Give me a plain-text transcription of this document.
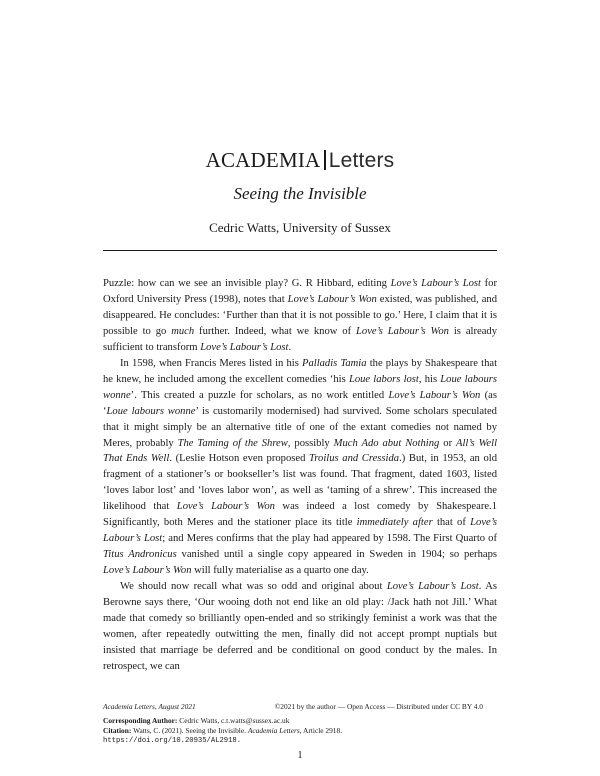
ACADEMIA Letters
Seeing the Invisible
Cedric Watts, University of Sussex

Puzzle: how can we see an invisible play? G. R Hibbard, editing Love’s Labour’s Lost for Oxford University Press (1998), notes that Love’s Labour’s Won existed, was published, and disappeared. He concludes: ‘Further than that it is not possible to go.’ Here, I claim that it is possible to go much further. Indeed, what we know of Love’s Labour’s Won is already sufficient to transform Love’s Labour’s Lost.

In 1598, when Francis Meres listed in his Palladis Tamia the plays by Shakespeare that he knew, he included among the excellent comedies ‘his Loue labors lost, his Loue labours wonne’. This created a puzzle for scholars, as no work entitled Love’s Labour’s Won (as ‘Loue labours wonne’ is customarily modernised) had survived. Some scholars speculated that it might simply be an alternative title of one of the extant comedies not named by Meres, probably The Taming of the Shrew, possibly Much Ado abut Nothing or All’s Well That Ends Well. (Leslie Hotson even proposed Troilus and Cressida.) But, in 1953, an old fragment of a stationer’s or bookseller’s list was found. That fragment, dated 1603, listed ‘loves labor lost’ and ‘loves labor won’, as well as ‘taming of a shrew’. This increased the likelihood that Love’s Labour’s Won was indeed a lost comedy by Shakespeare.1 Significantly, both Meres and the stationer place its title immediately after that of Love’s Labour’s Lost; and Meres confirms that the play had appeared by 1598. The First Quarto of Titus Andronicus vanished until a single copy appeared in Sweden in 1904; so perhaps Love’s Labour’s Won will fully materialise as a quarto one day.

We should now recall what was so odd and original about Love’s Labour’s Lost. As Berowne says there, ‘Our wooing doth not end like an old play: /Jack hath not Jill.’ What made that comedy so brilliantly open-ended and so strikingly feminist a work was that the women, after repeatedly outwitting the men, finally did not accept prompt nuptials but insisted that marriage be deferred and be conditional on good conduct by the males. In retrospect, we can

Academia Letters, August 2021	©2021 by the author — Open Access — Distributed under CC BY 4.0
Corresponding Author: Cedric Watts, c.t.watts@sussex.ac.uk
Citation: Watts, C. (2021). Seeing the Invisible. Academia Letters, Article 2918.
https://doi.org/10.20935/AL2918.
1
